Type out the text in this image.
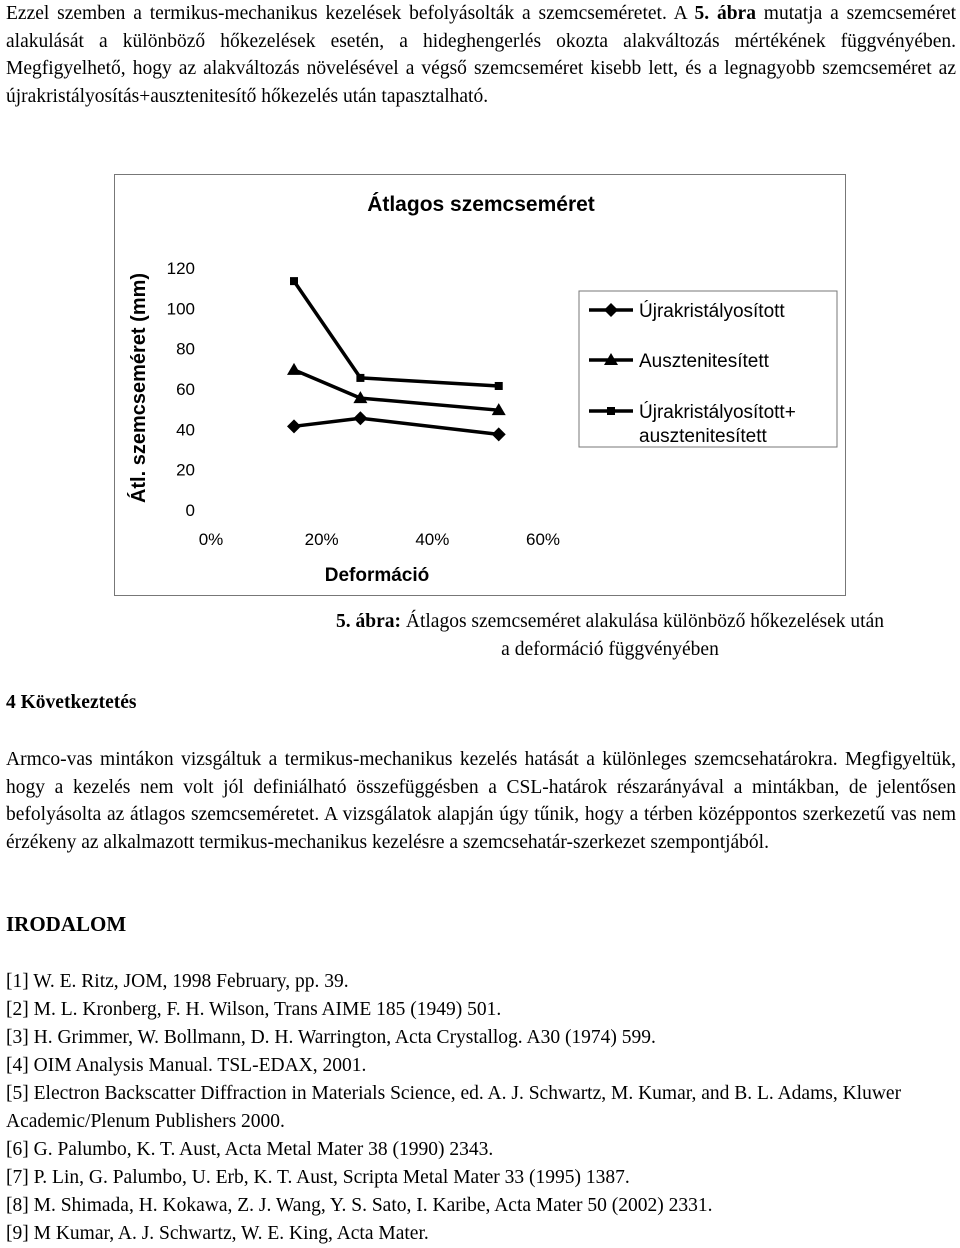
Ezzel szemben a termikus-mechanikus kezelések befolyásolták a szemcseméretet. A 5. ábra mutatja a szemcseméret alakulását a különböző hőkezelések esetén, a hideghengerlés okozta alakváltozás mértékének függvényében. Megfigyelhető, hogy az alakváltozás növelésével a végső szemcseméret kisebb lett, és a legnagyobb szemcseméret az újrakristályosítás+ausztenitesítő hőkezelés után tapasztalható.

Átlagos szemcseméret
Átl. szemcseméret (mm)
Deformáció
0
20
40
60
80
100
120
0%	20%	40%	60%
Újrakristályosított
Ausztenitesített
Újrakristályosított+
ausztenitesített

5. ábra: Átlagos szemcseméret alakulása különböző hőkezelések után a deformáció függvényében

4 Következtetés

Armco-vas mintákon vizsgáltuk a termikus-mechanikus kezelés hatását a különleges szemcsehatárokra. Megfigyeltük, hogy a kezelés nem volt jól definiálható összefüggésben a CSL-határok részarányával a mintákban, de jelentősen befolyásolta az átlagos szemcseméretet. A vizsgálatok alapján úgy tűnik, hogy a térben középpontos szerkezetű vas nem érzékeny az alkalmazott termikus-mechanikus kezelésre a szemcsehatár-szerkezet szempontjából.

IRODALOM
[1] W. E. Ritz, JOM, 1998 February, pp. 39.
[2] M. L. Kronberg, F. H. Wilson, Trans AIME 185 (1949) 501.
[3] H. Grimmer, W. Bollmann, D. H. Warrington, Acta Crystallog. A30 (1974) 599.
[4] OIM Analysis Manual. TSL-EDAX, 2001.
[5] Electron Backscatter Diffraction in Materials Science, ed. A. J. Schwartz, M. Kumar, and B. L. Adams, Kluwer Academic/Plenum Publishers 2000.
[6] G. Palumbo, K. T. Aust, Acta Metal Mater 38 (1990) 2343.
[7] P. Lin, G. Palumbo, U. Erb, K. T. Aust, Scripta Metal Mater 33 (1995) 1387.
[8] M. Shimada, H. Kokawa, Z. J. Wang, Y. S. Sato, I. Karibe, Acta Mater 50 (2002) 2331.
[9] M Kumar, A. J. Schwartz, W. E. King, Acta Mater.
